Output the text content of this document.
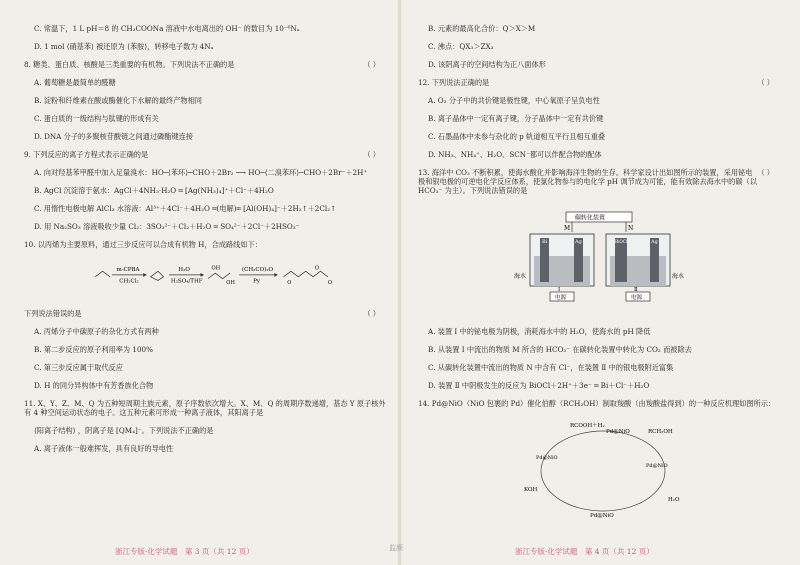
C. 常温下，1 L pH＝8 的 CH₃COONa 溶液中水电离出的 OH⁻ 的数目为 10⁻⁶Nₐ
D. 1 mol ⟨硝基苯⟩ 被还原为 ⟨苯胺⟩，转移电子数为 4Nₐ
（ ）
8. 糖类、蛋白质、核酸是三类重要的有机物。下列说法不正确的是
A. 葡萄糖是最简单的醛糖
B. 淀粉和纤维素在酸或酶催化下水解的最终产物相同
C. 蛋白质的一级结构与肽键的形成有关
D. DNA 分子的多聚核苷酸链之间通过磷酯键连接
（ ）
9. 下列反应的离子方程式表示正确的是
A. 向对羟基苯甲醛中加入足量溴水：HO─⟨苯环⟩─CHO＋2Br₂ ⟶ HO─⟨二溴苯环⟩─CHO＋2Br⁻＋2H⁺
B. AgCl 沉淀溶于氨水：AgCl＋4NH₃·H₂O ═ [Ag(NH₃)₄]⁺＋Cl⁻＋4H₂O
C. 用惰性电极电解 AlCl₃ 水溶液：Al³⁺＋4Cl⁻＋4H₂O ═(电解)═ [Al(OH)₄]⁻＋2H₂↑＋2Cl₂↑
D. 用 Na₂SO₃ 溶液吸收少量 Cl₂：3SO₃²⁻＋Cl₂＋H₂O ═ SO₄²⁻＋2Cl⁻＋2HSO₃⁻
10. 以丙烯为主要原料，通过三步反应可以合成有机物 H，合成路线如下：
m-CPBA
CH₂Cl₂
H₂O
H₂SO₄/THF
OH
OH
(CH₃CO)₂O
Py	O
O
O
（ ）
下列说法错误的是
A. 丙烯分子中碳原子的杂化方式有两种
B. 第二步反应的原子利用率为 100%
C. 第三步反应属于取代反应
D. H 的同分异构体中有芳香族化合物
11. X、Y、Z、M、Q 为五种短周期主族元素，原子序数依次增大。X、M、Q 的周期序数递增，基态 Y 原子核外有 4 种空间运动状态的电子。这五种元素可形成一种离子液体，其阳离子是
⟨阳离子结构⟩ ，阴离子是 [QM₄]⁻。下列说法不正确的是
A. 离子液体一般难挥发，具有良好的导电性
B. 元素的最高化合价：Q＞X＞M
C. 沸点：QX₃＞ZX₃
D. 该阴离子的空间结构为正八面体形
（ ）
12. 下列说法正确的是
A. O₃ 分子中的共价键是极性键，中心氧原子呈负电性
B. 离子晶体中一定有离子键，分子晶体中一定有共价键
C. 石墨晶体中未参与杂化的 p 轨道相互平行且相互重叠
D. NH₃、NH₄⁺、H₂O、SCN⁻都可以作配合物的配体
（ ）
13. 海洋中 CO₂ 不断积累，使海水酸化并影响海洋生物的生存。科学家设计出如图所示的装置，采用铋电极和银电极的可逆电化学反应体系，使氯化物参与的电化学 pH 调节成为可能，能有效除去海水中的碳（以 HCO₃⁻ 为主）。下列说法错误的是
碳转化装置
M	N
Bi	Ag	BiOCl	Ag
电源	电源
Ⅰ	Ⅱ
海水	海水
A. 装置 Ⅰ 中的铋电极为阴极，消耗海水中的 H₂O，使海水的 pH 降低
B. 从装置 Ⅰ 中流出的物质 M 所含的 HCO₃⁻ 在碳转化装置中转化为 CO₂ 而被除去
C. 从碳转化装置中流出的物质 N 中含有 Cl⁻，在装置 Ⅱ 中的银电极附近富集
D. 装置 Ⅱ 中阴极发生的反应为 BiOCl＋2H⁺＋3e⁻ ═ Bi＋Cl⁻＋H₂O
14. Pd@NiO（NiO 包裹的 Pd）催化伯醇（RCH₂OH）制取羧酸（由羧酸盐得到）的一种反应机理如图所示：
RCOOH＋H₂
Pd@NiO	RCH₂OH
KOH
H₂O
Pd@NiO
Pd@NiO
Pd@NiO
浙江专版·化学试题　第 3 页（共 12 页）	监颜	浙江专版·化学试题　第 4 页（共 12 页）
